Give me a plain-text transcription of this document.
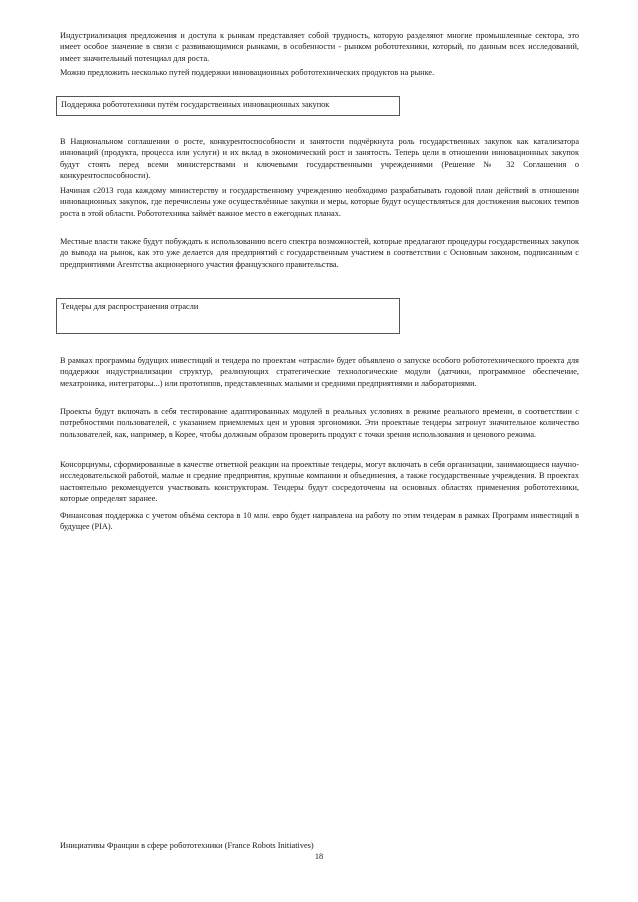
Индустриализация предложения и доступа к рынкам представляет собой трудность, которую разделяют многие промышленные сектора, это имеет особое значение в связи с развивающимися рынками, в особенности - рынком робототехники, который, по данным всех исследований, имеет значительный потенциал для роста.

Можно предложить несколько путей поддержки инновационных робототехнических продуктов на рынке.

Поддержка робототехники путём государственных инновационных закупок

В Национальном соглашении о росте, конкурентоспособности и занятости подчёркнута роль государственных закупок как катализатора инноваций (продукта, процесса или услуги) и их вклад в экономический рост и занятость. Теперь цели в отношении инновационных закупок будут стоять перед всеми министерствами и ключевыми государственными учреждениями (Решение № 32 Соглашения о конкурентоспособности).

Начиная с2013 года каждому министерству и государственному учреждению необходимо разрабатывать годовой план действий в отношении инновационных закупок, где перечислены уже осуществлённые закупки и меры, которые будут осуществляться для достижения высоких темпов роста в этой области. Робототехника займёт важное место в ежегодных планах.

Местные власти также будут побуждать к использованию всего спектра возможностей, которые предлагают процедуры государственных закупок до вывода на рынок, как это уже делается для предприятий с государственным участием в соответствии с Основным законом, подписанным с предприятиями Агентства акционерного участия французского правительства.

Тендеры для распространения отрасли

В рамках программы будущих инвестиций и тендера по проектам «отрасли» будет объявлено о запуске особого робототехнического проекта для поддержки индустриализации структур, реализующих стратегические технологические модули (датчики, программное обеспечение, мехатроника, интеграторы...) или прототипов, представленных малыми и средними предприятиями и лабораториями.

Проекты будут включать в себя тестирование адаптированных модулей в реальных условиях в режиме реального времени, в соответствии с потребностями пользователей, с указанием приемлемых цен и уровня эргономики. Эти проектные тендеры затронут значительное количество пользователей, как, например, в Корее, чтобы должным образом проверить продукт с точки зрения использования и ценового режима.

Консорциумы, сформированные в качестве ответной реакции на проектные тендеры, могут включать в себя организации, занимающиеся научно-исследовательской работой, малые и средние предприятия, крупные компании и объединения, а также государственные учреждения. В проектах настоятельно рекомендуется участвовать конструкторам. Тендеры будут сосредоточены на основных областях применения робототехники, которые определят заранее.

Финансовая поддержка с учетом объёма сектора в 10 млн. евро будет направлена на работу по этим тендерам в рамках Программ инвестиций в будущее (PIA).

Инициативы Франции в сфере робототехники (France Robots Initiatives)
18
